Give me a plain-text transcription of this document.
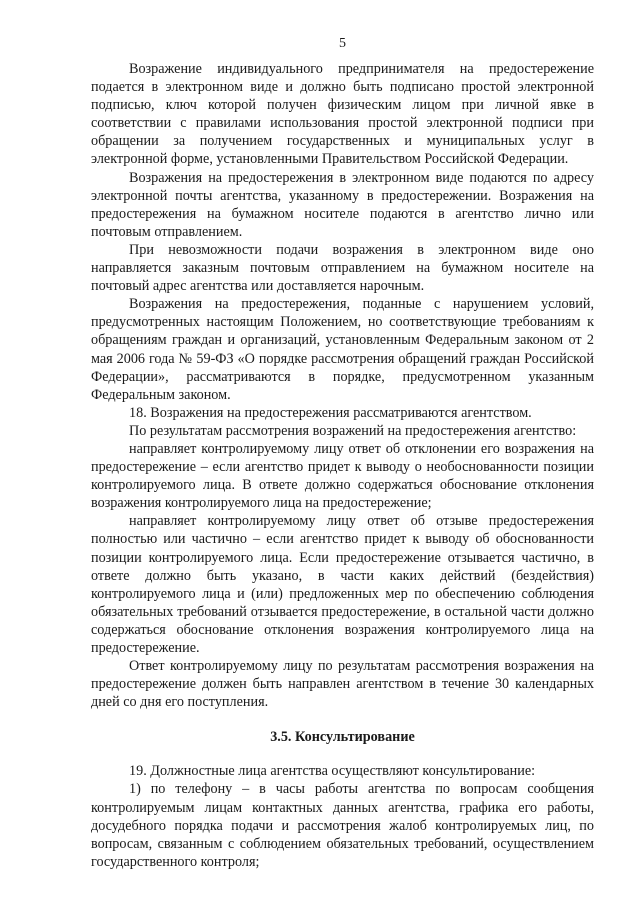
5

Возражение индивидуального предпринимателя на предостережение подается в электронном виде и должно быть подписано простой электронной подписью, ключ которой получен физическим лицом при личной явке в соответствии с правилами использования простой электронной подписи при обращении за получением государственных и муниципальных услуг в электронной форме, установленными Правительством Российской Федерации.

Возражения на предостережения в электронном виде подаются по адресу электронной почты агентства, указанному в предостережении. Возражения на предостережения на бумажном носителе подаются в агентство лично или почтовым отправлением.

При невозможности подачи возражения в электронном виде оно направляется заказным почтовым отправлением на бумажном носителе на почтовый адрес агентства или доставляется нарочным.

Возражения на предостережения, поданные с нарушением условий, предусмотренных настоящим Положением, но соответствующие требованиям к обращениям граждан и организаций, установленным Федеральным законом от 2 мая 2006 года № 59-ФЗ «О порядке рассмотрения обращений граждан Российской Федерации», рассматриваются в порядке, предусмотренном указанным Федеральным законом.

18. Возражения на предостережения рассматриваются агентством.

По результатам рассмотрения возражений на предостережения агентство:

направляет контролируемому лицу ответ об отклонении его возражения на предостережение – если агентство придет к выводу о необоснованности позиции контролируемого лица. В ответе должно содержаться обоснование отклонения возражения контролируемого лица на предостережение;

направляет контролируемому лицу ответ об отзыве предостережения полностью или частично – если агентство придет к выводу об обоснованности позиции контролируемого лица. Если предостережение отзывается частично, в ответе должно быть указано, в части каких действий (бездействия) контролируемого лица и (или) предложенных мер по обеспечению соблюдения обязательных требований отзывается предостережение, в остальной части должно содержаться обоснование отклонения возражения контролируемого лица на предостережение.

Ответ контролируемому лицу по результатам рассмотрения возражения на предостережение должен быть направлен агентством в течение 30 календарных дней со дня его поступления.

3.5. Консультирование

19. Должностные лица агентства осуществляют консультирование:

1) по телефону – в часы работы агентства по вопросам сообщения контролируемым лицам контактных данных агентства, графика его работы, досудебного порядка подачи и рассмотрения жалоб контролируемых лиц, по вопросам, связанным с соблюдением обязательных требований, осуществлением государственного контроля;
